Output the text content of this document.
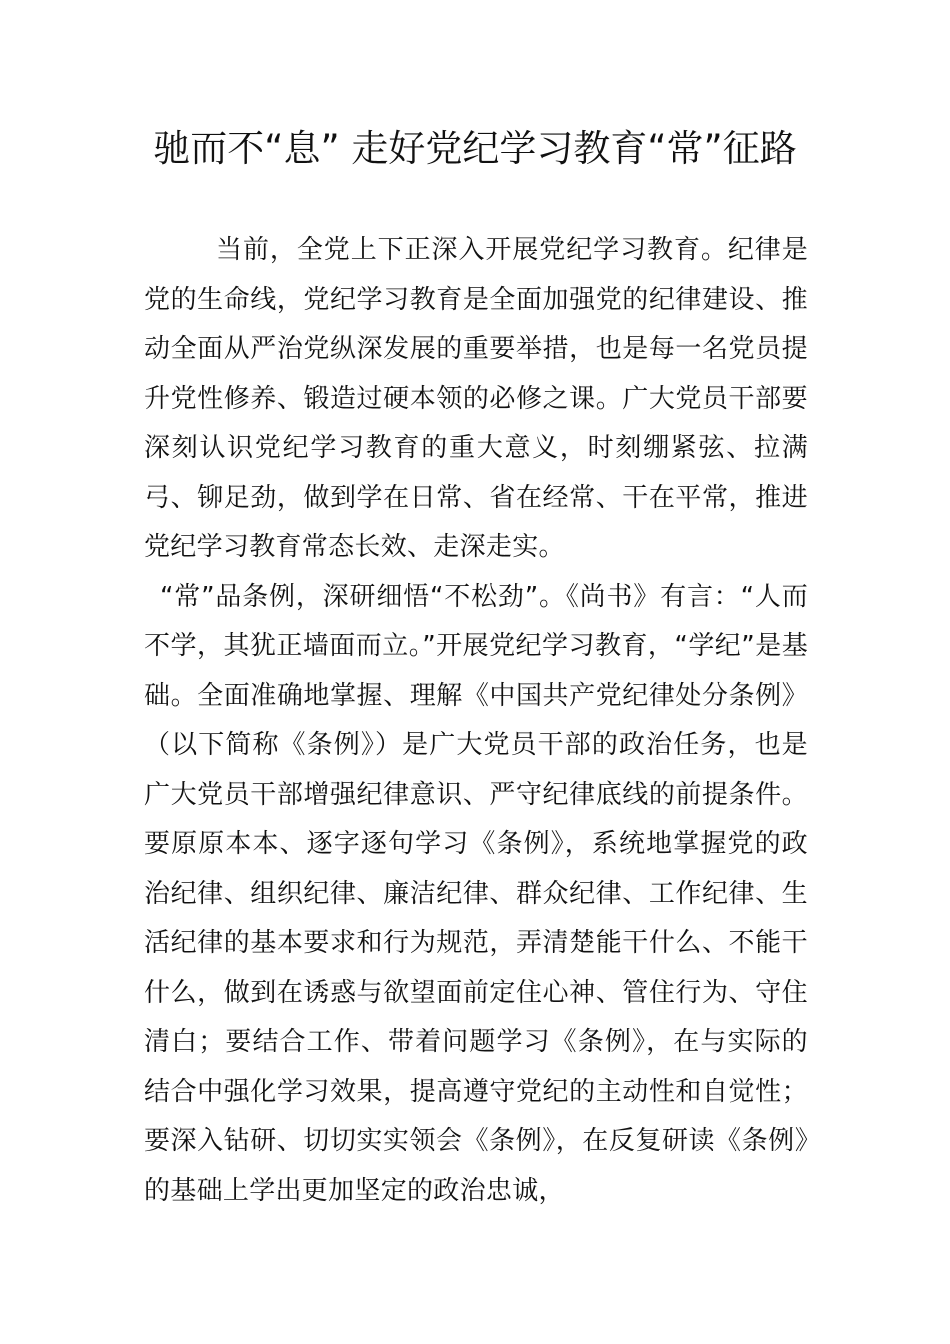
驰而不“息” 走好党纪学习教育“常”征路

当前，全党上下正深入开展党纪学习教育。纪律是党的生命线，党纪学习教育是全面加强党的纪律建设、推动全面从严治党纵深发展的重要举措，也是每一名党员提升党性修养、锻造过硬本领的必修之课。广大党员干部要深刻认识党纪学习教育的重大意义，时刻绷紧弦、拉满弓、铆足劲，做到学在日常、省在经常、干在平常，推进党纪学习教育常态长效、走深走实。

“常”品条例，深研细悟“不松劲”。《尚书》有言：“人而不学，其犹正墙面而立。”开展党纪学习教育，“学纪”是基础。全面准确地掌握、理解《中国共产党纪律处分条例》（以下简称《条例》）是广大党员干部的政治任务，也是广大党员干部增强纪律意识、严守纪律底线的前提条件。要原原本本、逐字逐句学习《条例》，系统地掌握党的政治纪律、组织纪律、廉洁纪律、群众纪律、工作纪律、生活纪律的基本要求和行为规范，弄清楚能干什么、不能干什么，做到在诱惑与欲望面前定住心神、管住行为、守住清白；要结合工作、带着问题学习《条例》，在与实际的结合中强化学习效果，提高遵守党纪的主动性和自觉性；要深入钻研、切切实实领会《条例》，在反复研读《条例》的基础上学出更加坚定的政治忠诚，
